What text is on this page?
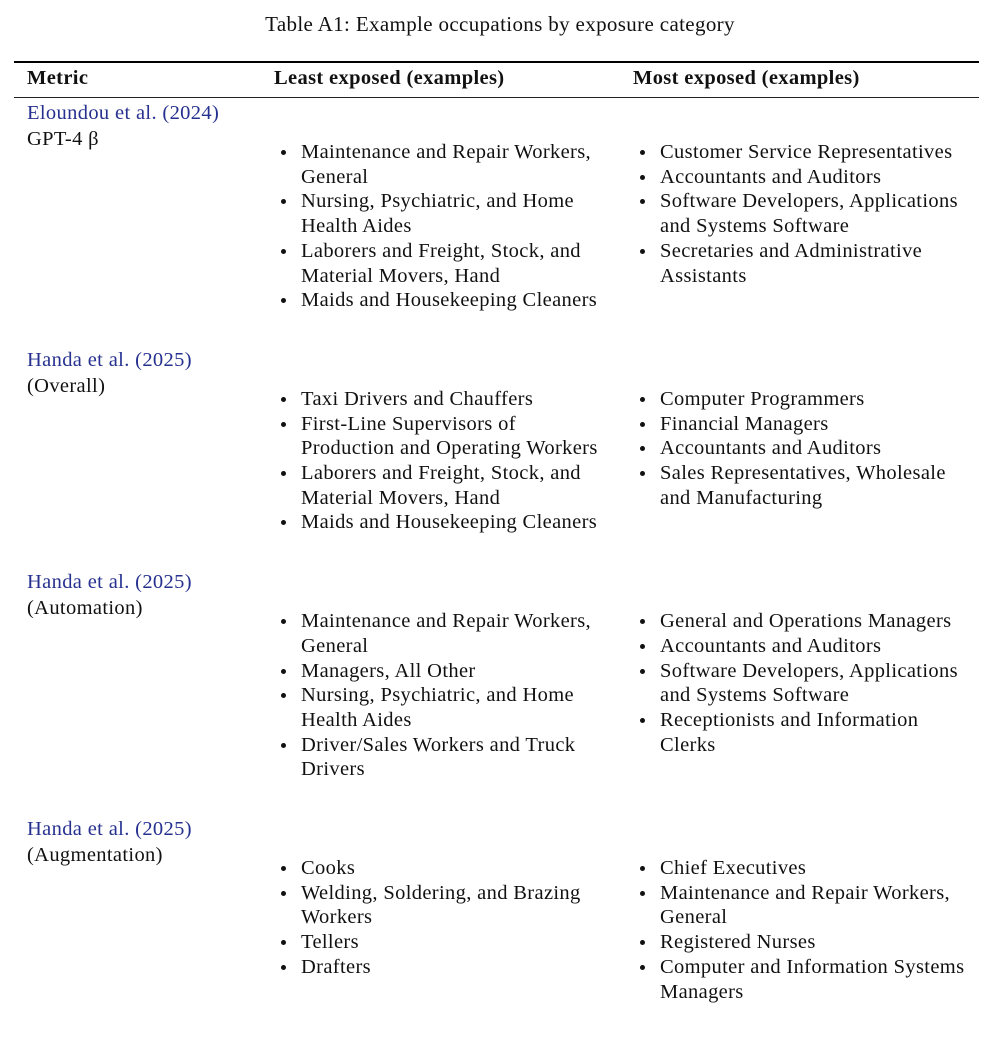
Table A1: Example occupations by exposure category
Metric	Least exposed (examples)	Most exposed (examples)
Eloundou et al. (2024)
GPT-4 β
Maintenance and Repair Workers, General
Nursing, Psychiatric, and Home Health Aides
Laborers and Freight, Stock, and Material Movers, Hand
Maids and Housekeeping Cleaners
Customer Service Representatives
Accountants and Auditors
Software Developers, Applications and Systems Software
Secretaries and Administrative Assistants
Handa et al. (2025)
(Overall)
Taxi Drivers and Chauffers
First-Line Supervisors of Production and Operating Workers
Laborers and Freight, Stock, and Material Movers, Hand
Maids and Housekeeping Cleaners
Computer Programmers
Financial Managers
Accountants and Auditors
Sales Representatives, Wholesale and Manufacturing
Handa et al. (2025)
(Automation)
Maintenance and Repair Workers, General
Managers, All Other
Nursing, Psychiatric, and Home Health Aides
Driver/Sales Workers and Truck Drivers
General and Operations Managers
Accountants and Auditors
Software Developers, Applications and Systems Software
Receptionists and Information Clerks
Handa et al. (2025)
(Augmentation)
Cooks
Welding, Soldering, and Brazing Workers
Tellers
Drafters
Chief Executives
Maintenance and Repair Workers, General
Registered Nurses
Computer and Information Systems Managers
